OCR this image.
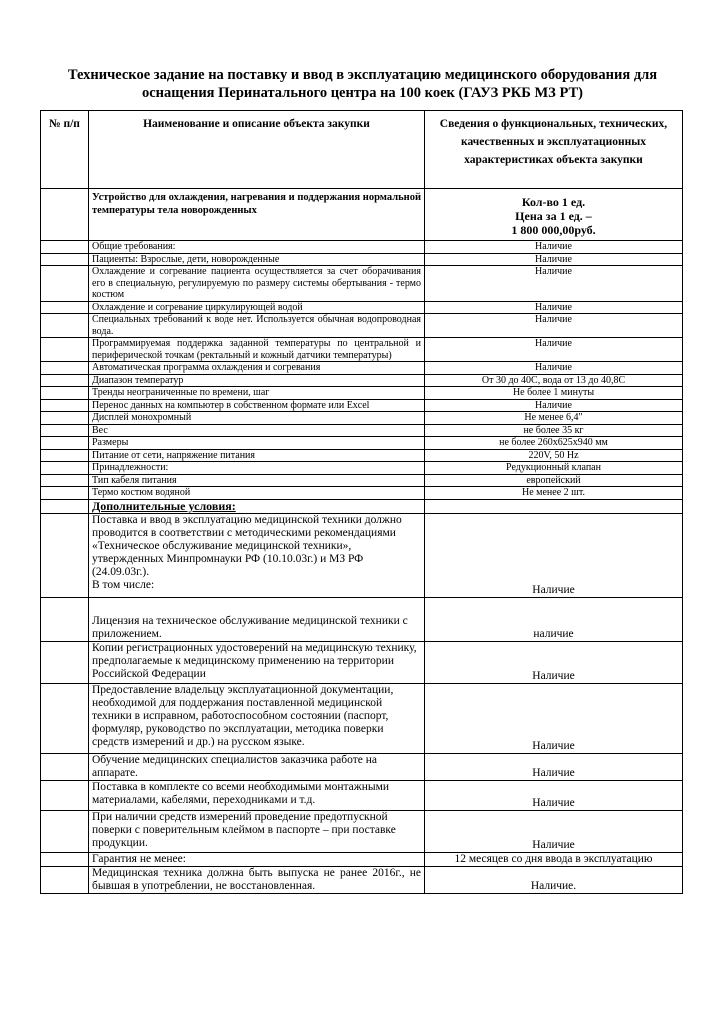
Техническое задание на поставку и ввод в эксплуатацию медицинского оборудования для
оснащения Перинатального центра на 100 коек (ГАУЗ РКБ МЗ РТ)
№ п/п	Наименование и описание объекта закупки	Сведения о функциональных, технических, качественных и эксплуатационных характеристиках объекта закупки
	Устройство для охлаждения, нагревания и поддержания нормальной температуры тела новорожденных	Кол-во 1 ед.
Цена за 1 ед. –
1 800 000,00руб.

	Общие требования:	Наличие
	Пациенты: Взрослые, дети, новорожденные	Наличие
	Охлаждение и согревание пациента осуществляется за счет оборачивания его в специальную, регулируемую по размеру системы обертывания - термо костюм	Наличие
	Охлаждение и согревание циркулирующей водой	Наличие
	Специальных требований к воде нет. Используется обычная водопроводная вода.	Наличие
	Программируемая поддержка заданной температуры по центральной и периферической точкам (ректальный и кожный датчики температуры)	Наличие
	Автоматическая программа охлаждения и согревания	Наличие
	Диапазон температур	От 30 до 40С, вода от 13 до 40,8С
	Тренды неограниченные по времени, шаг	Не более 1 минуты
	Перенос данных на компьютер в собственном формате или Excel	Наличие
	Дисплей монохромный	Не менее 6,4"
	Вес	не более 35 кг
	Размеры	не более 260x625x940 мм
	Питание от сети, напряжение питания	220V, 50 Hz
	Принадлежности:	Редукционный клапан
	Тип кабеля питания	европейский
	Термо костюм водяной	Не менее 2 шт.
	Дополнительные условия:	
	Поставка и ввод в эксплуатацию медицинской техники должно проводится в соответствии с методическими рекомендациями «Техническое обслуживание медицинской техники», утвержденных Минпромнауки РФ (10.10.03г.) и МЗ РФ (24.09.03г.).
В том числе:	Наличие

	Лицензия на техническое обслуживание медицинской техники с приложением.	наличие
	Копии регистрационных удостоверений на медицинскую технику, предполагаемые к медицинскому применению на территории Российской Федерации	Наличие
	Предоставление владельцу эксплуатационной документации, необходимой для поддержания поставленной медицинской техники в исправном, работоспособном состоянии (паспорт, формуляр, руководство по эксплуатации, методика поверки средств измерений и др.) на русском языке.	Наличие
	Обучение медицинских специалистов заказчика работе на аппарате.	Наличие
	Поставка в комплекте со всеми необходимыми монтажными материалами, кабелями, переходниками и т.д.	Наличие
	При наличии средств измерений проведение предотпускной поверки с поверительным клеймом в паспорте – при поставке продукции.	Наличие
	Гарантия не менее:	12 месяцев со дня ввода в эксплуатацию
	Медицинская техника должна быть выпуска не ранее 2016г., не бывшая в употреблении, не восстановленная.	Наличие.
